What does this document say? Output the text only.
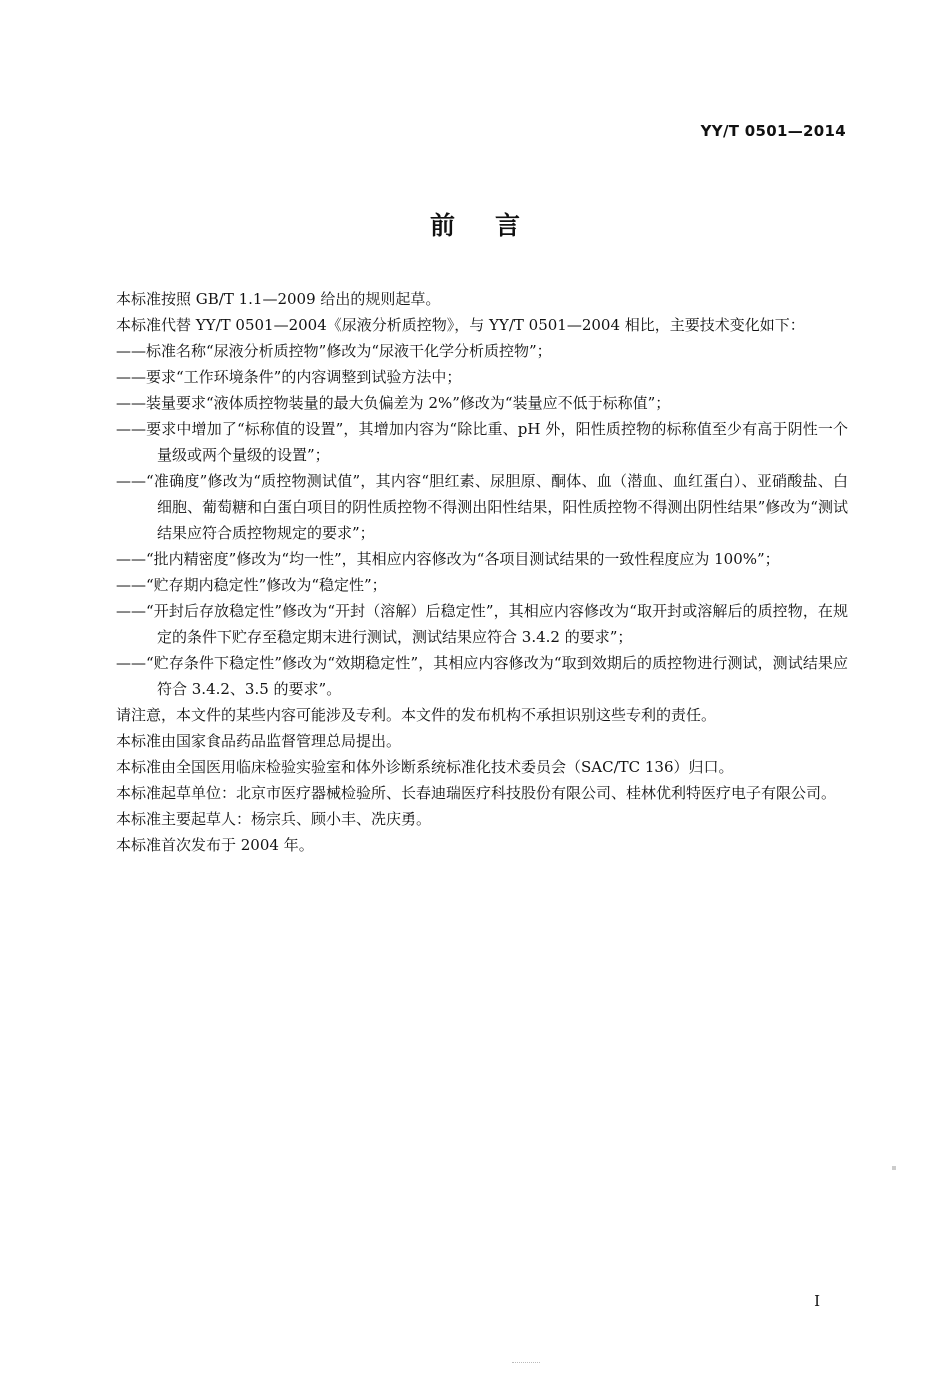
YY/T 0501—2014
前言

本标准按照 GB/T 1.1—2009 给出的规则起草。

本标准代替 YY/T 0501—2004《尿液分析质控物》，与 YY/T 0501—2004 相比，主要技术变化如下：

——标准名称“尿液分析质控物”修改为“尿液干化学分析质控物”；

——要求“工作环境条件”的内容调整到试验方法中；

——装量要求“液体质控物装量的最大负偏差为 2%”修改为“装量应不低于标称值”；

——要求中增加了“标称值的设置”，其增加内容为“除比重、pH 外，阳性质控物的标称值至少有高于阴性一个量级或两个量级的设置”；

——“准确度”修改为“质控物测试值”，其内容“胆红素、尿胆原、酮体、血（潜血、血红蛋白）、亚硝酸盐、白细胞、葡萄糖和白蛋白项目的阴性质控物不得测出阳性结果，阳性质控物不得测出阴性结果”修改为“测试结果应符合质控物规定的要求”；

——“批内精密度”修改为“均一性”，其相应内容修改为“各项目测试结果的一致性程度应为 100%”；

——“贮存期内稳定性”修改为“稳定性”；

——“开封后存放稳定性”修改为“开封（溶解）后稳定性”，其相应内容修改为“取开封或溶解后的质控物，在规定的条件下贮存至稳定期末进行测试，测试结果应符合 3.4.2 的要求”；

——“贮存条件下稳定性”修改为“效期稳定性”，其相应内容修改为“取到效期后的质控物进行测试，测试结果应符合 3.4.2、3.5 的要求”。

请注意，本文件的某些内容可能涉及专利。本文件的发布机构不承担识别这些专利的责任。

本标准由国家食品药品监督管理总局提出。

本标准由全国医用临床检验实验室和体外诊断系统标准化技术委员会（SAC/TC 136）归口。

本标准起草单位：北京市医疗器械检验所、长春迪瑞医疗科技股份有限公司、桂林优利特医疗电子有限公司。

本标准主要起草人：杨宗兵、顾小丰、冼庆勇。

本标准首次发布于 2004 年。

I
